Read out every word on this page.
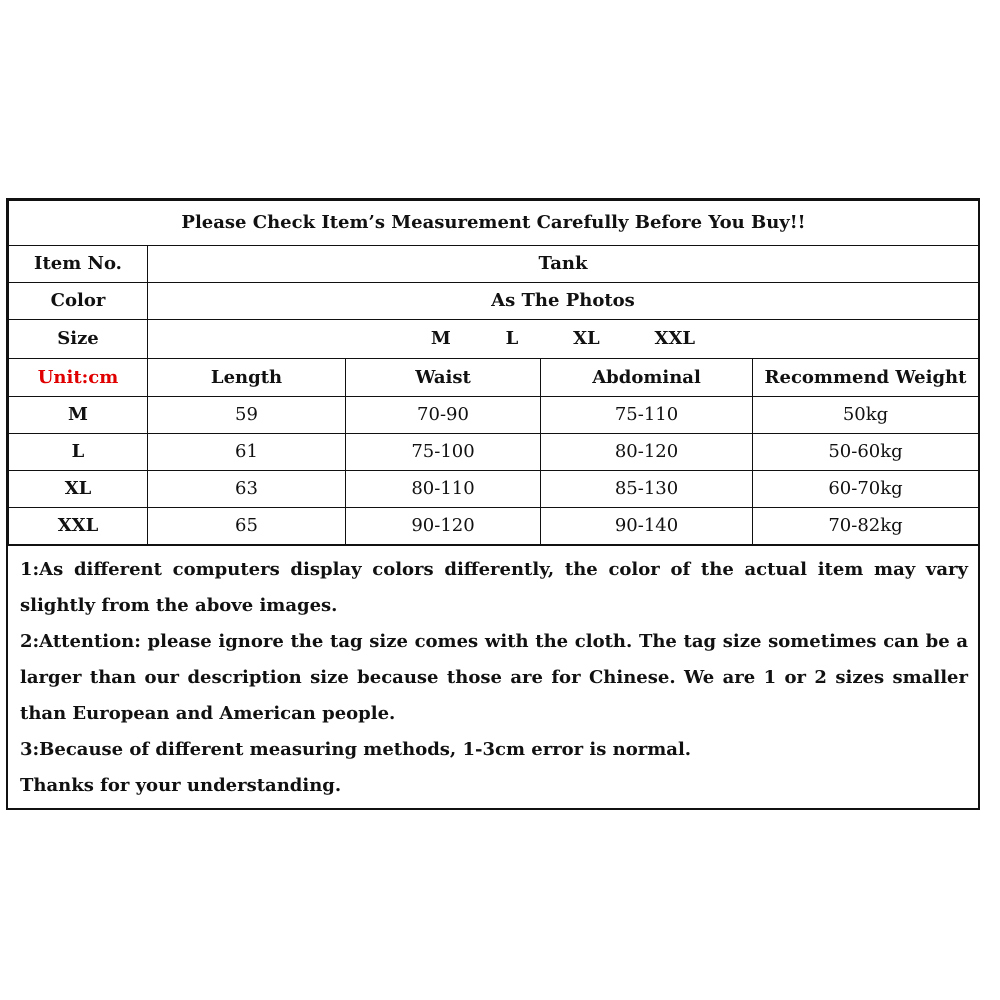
Please Check Item’s Measurement Carefully Before You Buy!!				
Item No.	Tank			
Color	As The Photos			
Size	M   L   XL   XXL			
Unit:cm	Length	Waist	Abdominal	Recommend Weight
M	59	70-90	75-110	50kg
L	61	75-100	80-120	50-60kg
XL	63	80-110	85-130	60-70kg
XXL	65	90-120	90-140	70-82kg

1:As different computers display colors differently, the color of the actual item may vary slightly from the above images.

2:Attention: please ignore the tag size comes with the cloth. The tag size sometimes can be a larger than our description size because those are for Chinese. We are 1 or 2 sizes smaller than European and American people.

3:Because of different measuring methods, 1-3cm error is normal.

Thanks for your understanding.
